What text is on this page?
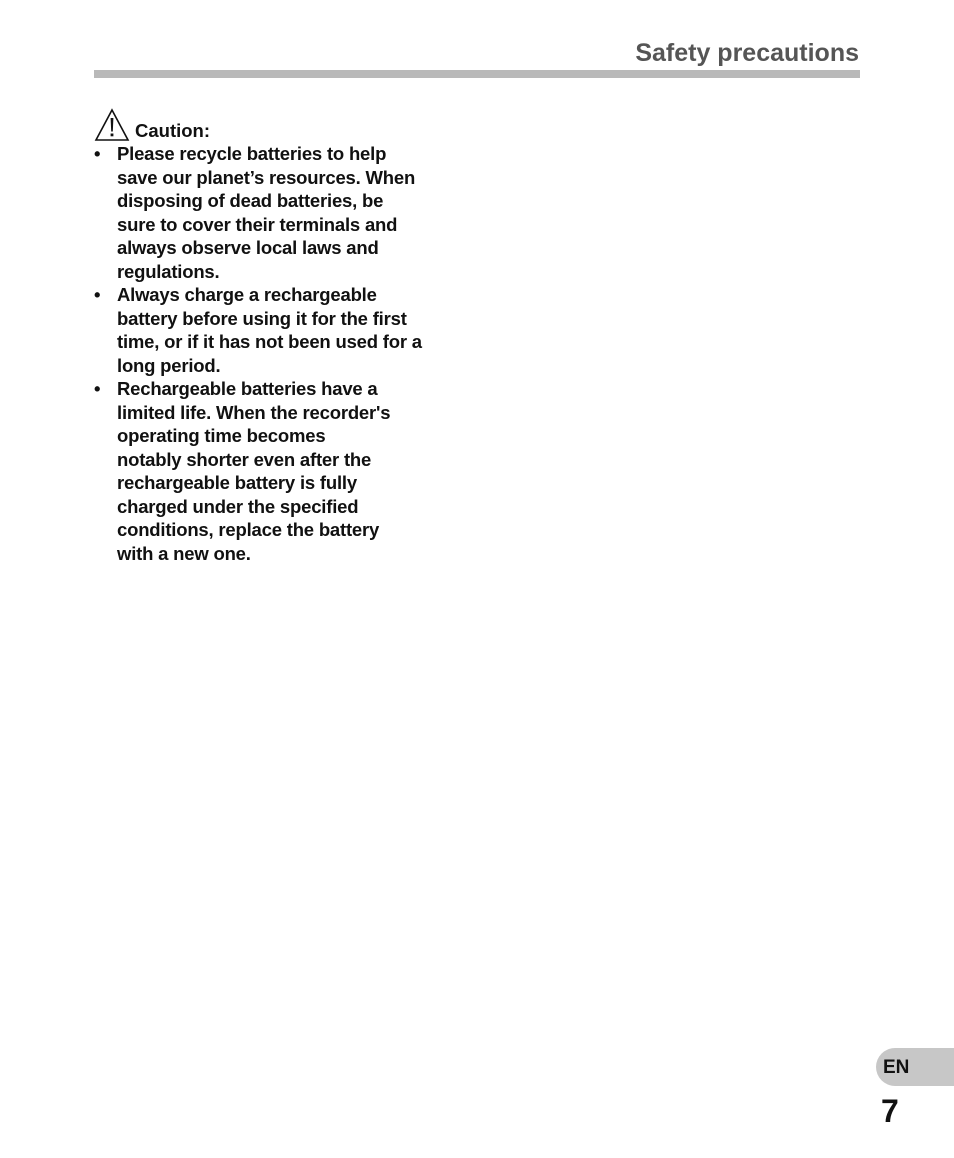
Safety precautions
Caution:
• Please recycle batteries to help
save our planet’s resources. When
disposing of dead batteries, be
sure to cover their terminals and
always observe local laws and
regulations.
• Always charge a rechargeable
battery before using it for the first
time, or if it has not been used for a
long period.
• Rechargeable batteries have a
limited life. When the recorder's
operating time becomes
notably shorter even after the
rechargeable battery is fully
charged under the specified
conditions, replace the battery
with a new one.
EN
7
